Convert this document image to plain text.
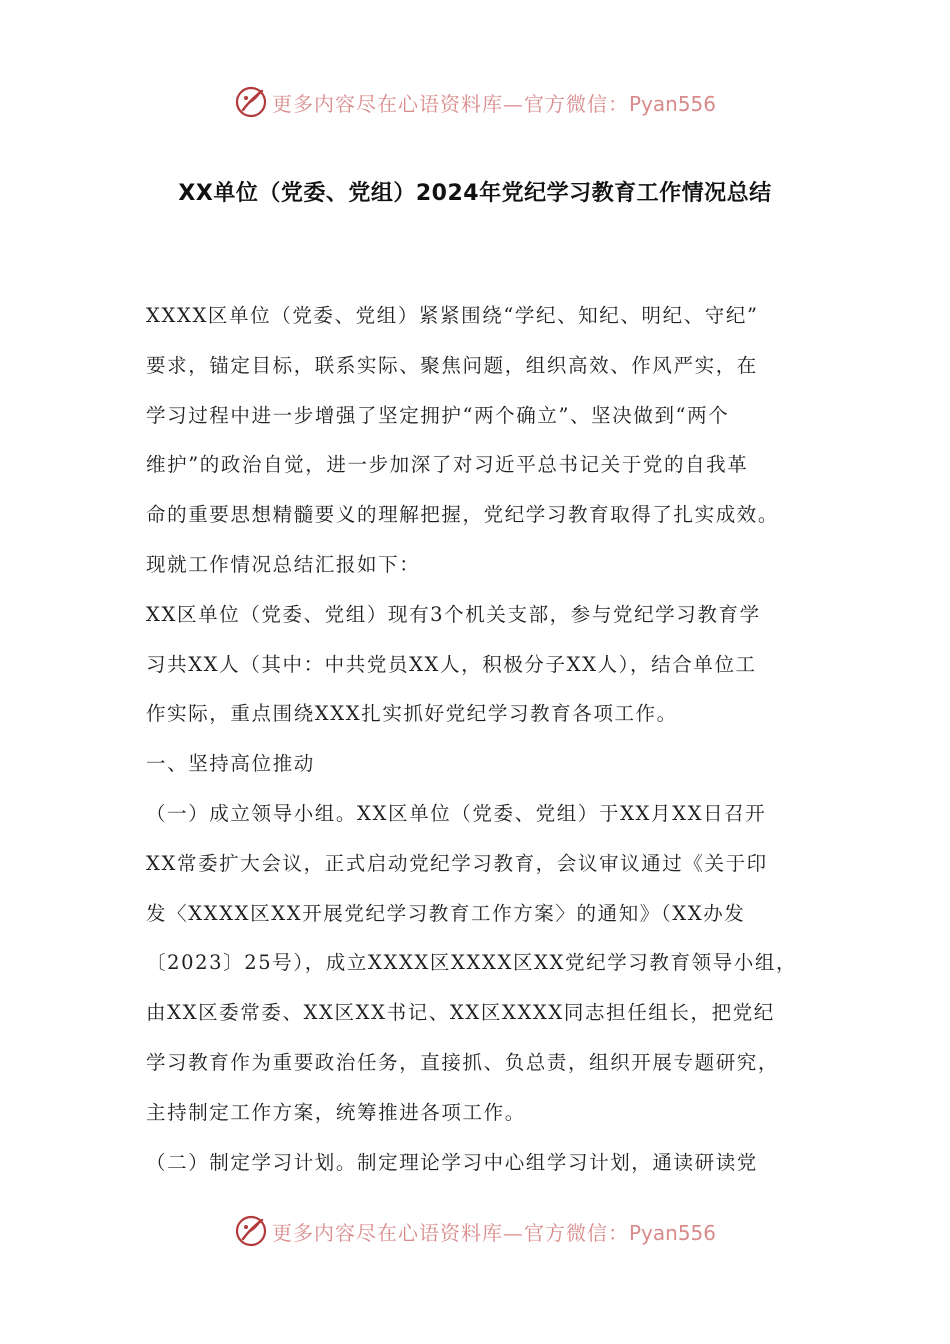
更多内容尽在心语资料库—官方微信：Pyan556
XX单位（党委、党组）2024年党纪学习教育工作情况总结
XXXX区单位（党委、党组）紧紧围绕“学纪、知纪、明纪、守纪”
要求，锚定目标，联系实际、聚焦问题，组织高效、作风严实，在
学习过程中进一步增强了坚定拥护“两个确立”、坚决做到“两个
维护”的政治自觉，进一步加深了对习近平总书记关于党的自我革
命的重要思想精髓要义的理解把握，党纪学习教育取得了扎实成效。
现就工作情况总结汇报如下：
XX区单位（党委、党组）现有3个机关支部，参与党纪学习教育学
习共XX人（其中：中共党员XX人，积极分子XX人），结合单位工
作实际，重点围绕XXX扎实抓好党纪学习教育各项工作。
一、坚持高位推动
（一）成立领导小组。XX区单位（党委、党组）于XX月XX日召开
XX常委扩大会议，正式启动党纪学习教育，会议审议通过《关于印
发〈XXXX区XX开展党纪学习教育工作方案〉的通知》（XX办发
〔2023〕25号），成立XXXX区XXXX区XX党纪学习教育领导小组，
由XX区委常委、XX区XX书记、XX区XXXX同志担任组长，把党纪
学习教育作为重要政治任务，直接抓、负总责，组织开展专题研究，
主持制定工作方案，统筹推进各项工作。
（二）制定学习计划。制定理论学习中心组学习计划，通读研读党
更多内容尽在心语资料库—官方微信：Pyan556
